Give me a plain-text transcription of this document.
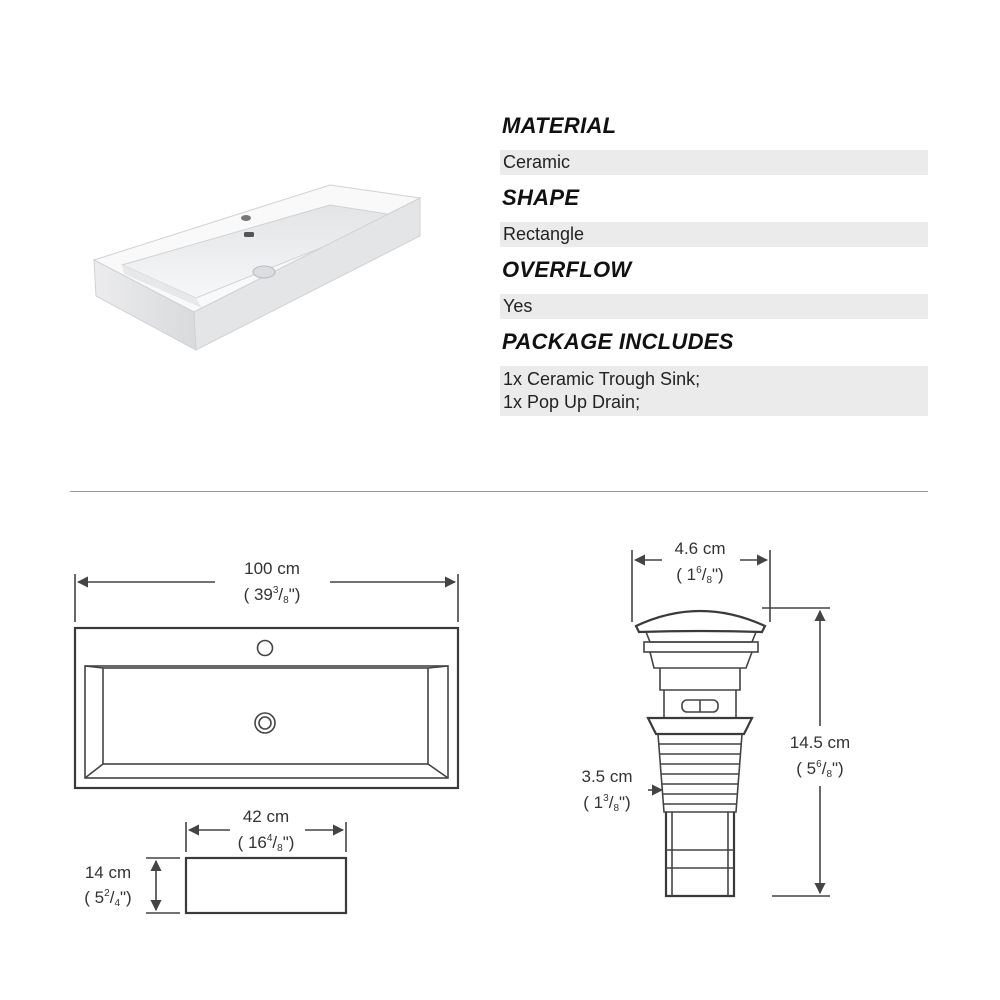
MATERIAL
Ceramic
SHAPE
Rectangle
OVERFLOW
Yes
PACKAGE INCLUDES
1x Ceramic Trough Sink;
1x Pop Up Drain;
100 cm
( $39^3/8$")
42 cm
( $16^4/8$")
14 cm
( $5^2/4$")
4.6 cm
( $1^6/8$")
3.5 cm
( $1^3/8$")
14.5 cm
( $5^6/8$")
